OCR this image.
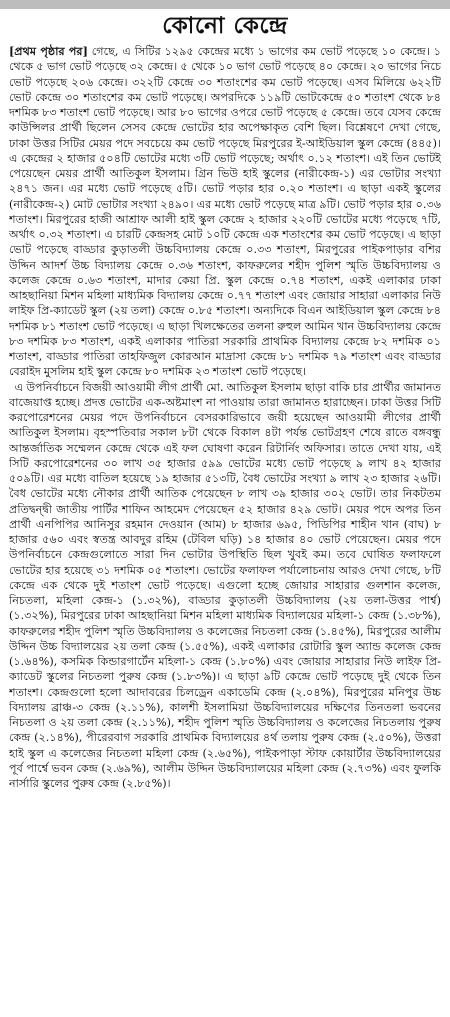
কোনো কেন্দ্রে

[প্রথম পৃষ্ঠার পর] গেছে, এ সিটির ১২৯৫ কেন্দ্রের মধ্যে ১ ভাগের কম ভোট পড়েছে ১০ কেন্দ্রে। ১ থেকে ৫ ভাগ ভোট পড়েছে ৩২ কেন্দ্রে। ৫ থেকে ১০ ভাগ ভোট পড়েছে ৪০ কেন্দ্রে। ২০ ভাগের নিচে ভোট পড়েছে ২০৬ কেন্দ্রে। ৩২২টি কেন্দ্রে ৩০ শতাংশের কম ভোট পড়েছে। এসব মিলিয়ে ৬২২টি ভোট কেন্দ্রে ৩০ শতাংশের কম ভোট পড়েছে। অপরদিকে ১১৯টি ভোটকেন্দ্রে ৫০ শতাংশ থেকে ৮৪ দশমিক ৮৩ শতাংশ ভোট পড়েছে। আর ৮০ ভাগের ওপরে ভোট পড়েছে ৫ কেন্দ্রে। তবে যেসব কেন্দ্রে কাউন্সিলর প্রার্থী ছিলেন সেসব কেন্দ্রে ভোটের হার অপেক্ষাকৃত বেশি ছিল। বিশ্লেষণে দেখা গেছে, ঢাকা উত্তর সিটির মেয়র পদে সবচেয়ে কম ভোট পড়েছে মিরপুরের ই-আইডিয়াল স্কুল কেন্দ্রে (৪৪৫)। এ কেন্দ্রের ২ হাজার ৫০৪টি ভোটের মধ্যে ৩টি ভোট পড়েছে; অর্থাৎ ০.১২ শতাংশ। এই তিন ভোটই পেয়েছেন মেয়র প্রার্থী আতিকুল ইসলাম। গ্রিন ভিউ হাই স্কুলের (নারীকেন্দ্র-১) এর ভোটার সংখ্যা ২৪৭১ জন। এর মধ্যে ভোট পড়েছে ৫টি। ভোট পড়ার হার ০.২০ শতাংশ। এ ছাড়া একই স্কুলের (নারীকেন্দ্র-২) মোট ভোটার সংখ্যা ২৪৯০। এর মধ্যে ভোট পড়েছে মাত্র ৯টি। ভোট পড়ার হার ০.৩৬ শতাংশ। মিরপুরের হাজী আশ্রাফ আলী হাই স্কুল কেন্দ্রে ২ হাজার ২২০টি ভোটের মধ্যে পড়েছে ৭টি, অর্থাৎ ০.৩২ শতাংশ। এ চারটি কেন্দ্রসহ মোট ১০টি কেন্দ্রে এক শতাংশের কম ভোট পড়েছে। এ ছাড়া ভোট পড়েছে বাড্ডার কুড়াতলী উচ্চবিদ্যালয় কেন্দ্রে ০.৩৩ শতাংশ, মিরপুরের পাইকপাড়ার বশির উদ্দিন আদর্শ উচ্চ বিদ্যালয় কেন্দ্রে ০.৩৬ শতাংশ, কাফরুলের শহীদ পুলিশ স্মৃতি উচ্চবিদ্যালয় ও কলেজ কেন্দ্রে ০.৬৩ শতাংশ, মাদার কেয়া প্রি. স্কুল কেন্দ্রে ০.৭৪ শতাংশ, একই এলাকার ঢাকা আহছানিয়া মিশন মহিলা মাধ্যমিক বিদ্যালয় কেন্দ্রে ০.৭৭ শতাংশ এবং জোয়ার সাহারা এলাকার নিউ লাইফ প্রি-ক্যাডেট স্কুল (২য় তলা) কেন্দ্রে ০.৮৫ শতাংশ। অন্যদিকে বিএন আইডিয়াল স্কুল কেন্দ্রে ৮৪ দশমিক ৮১ শতাংশ ভোট পড়েছে। এ ছাড়া খিলক্ষেতের তলনা রুহুল আমিন খান উচ্চবিদ্যালয় কেন্দ্রে ৮৩ দশমিক ৮৩ শতাংশ, একই এলাকার পাতিরা সরকারি প্রাথমিক বিদ্যালয় কেন্দ্রে ৮২ দশমিক ০১ শতাংশ, বাড্ডার পাতিরা তাহফিজুল কোরআন মাদ্রাসা কেন্দ্রে ৮১ দশমিক ৭৯ শতাংশ এবং বাড্ডার বেরাইদ মুসলিম হাই স্কুল কেন্দ্রে ৮০ দশমিক ২৩ শতাংশ ভোট পড়েছে।

 এ উপনির্বাচনে বিজয়ী আওয়ামী লীগ প্রার্থী মো. আতিকুল ইসলাম ছাড়া বাকি চার প্রার্থীর জামানত বাজেয়াপ্ত হচ্ছে। প্রদত্ত ভোটের এক-অষ্টমাংশ না পাওয়ায় তারা জামানত হারাচ্ছেন। ঢাকা উত্তর সিটি করপোরেশনের মেয়র পদে উপনির্বাচনে বেসরকারিভাবে জয়ী হয়েছেন আওয়ামী লীগের প্রার্থী আতিকুল ইসলাম। বৃহস্পতিবার সকাল ৮টা থেকে বিকাল ৪টা পর্যন্ত ভোটগ্রহণ শেষে রাতে বঙ্গবন্ধু আন্তর্জাতিক সম্মেলন কেন্দ্রে থেকে এই ফল ঘোষণা করেন রিটার্নিং অফিসার। তাতে দেখা যায়, এই সিটি করপোরেশনের ৩০ লাখ ৩৫ হাজার ৫৯৯ ভোটের মধ্যে ভোট পড়েছে ৯ লাখ ৪২ হাজার ৫০৯টি। এর মধ্যে বাতিল হয়েছে ১৯ হাজার ৫১৩টি, বৈধ ভোটের সংখ্যা ৯ লাখ ২৩ হাজার ২৬টি। বৈধ ভোটের মধ্যে নৌকার প্রার্থী আতিক পেয়েছেন ৮ লাখ ৩৯ হাজার ৩০২ ভোট। তার নিকটতম প্রতিদ্বন্দ্বী জাতীয় পার্টির শাফিন আহমেদ পেয়েছেন ৫২ হাজার ৪২৯ ভোট। মেয়র পদে অপর তিন প্রার্থী এনপিপির আনিসুর রহমান দেওয়ান (আম) ৮ হাজার ৬৯৫, পিডিপির শাহীন খান (বাঘ) ৮ হাজার ৫৬০ এবং স্বতন্ত্র আবদুর রহিম (টেবিল ঘড়ি) ১৪ হাজার ৪০ ভোট পেয়েছেন। মেয়র পদে উপনির্বাচনে কেন্দ্রগুলোতে সারা দিন ভোটার উপস্থিতি ছিল খুবই কম। তবে ঘোষিত ফলাফলে ভোটের হার হয়েছে ৩১ দশমিক ০৫ শতাংশ। ভোটের ফলাফল পর্যালোচনায় আরও দেখা গেছে, ৮টি কেন্দ্রে এক থেকে দুই শতাংশ ভোট পড়েছে। এগুলো হচ্ছে জোয়ার সাহারার গুলশান কলেজ, নিচতলা, মহিলা কেন্দ্র-১ (১.৩২%), বাড্ডার কুড়াতলী উচ্চবিদ্যালয় (২য় তলা-উত্তর পার্শ্ব) (১.৩২%), মিরপুরের ঢাকা আহছানিয়া মিশন মহিলা মাধ্যমিক বিদ্যালয়ের মহিলা-১ কেন্দ্র (১.৩৮%), কাফরুলের শহীদ পুলিশ স্মৃতি উচ্চবিদ্যালয় ও কলেজের নিচতলা কেন্দ্র (১.৪৫%), মিরপুরের আলীম উদ্দিন উচ্চ বিদ্যালয়ের ২য় তলা কেন্দ্র (১.৫৫%), একই এলাকার রোটারি স্কুল অ্যান্ড কলেজ কেন্দ্র (১.৬৪%), কসমিক কিন্ডারগার্টেন মহিলা-১ কেন্দ্র (১.৮০%) এবং জোয়ার সাহারার নিউ লাইফ প্রি-ক্যাডেট স্কুলের নিচতলা পুরুষ কেন্দ্র (১.৮৩%)। এ ছাড়া ৯টি কেন্দ্রে ভোট পড়েছে দুই থেকে তিন শতাংশ। কেন্দ্রগুলো হলো আদাবরের চিলড্রেন একাডেমি কেন্দ্র (২.০৪%), মিরপুরের মনিপুর উচ্চ বিদ্যালয় ব্রাঞ্চ-৩ কেন্দ্র (২.১১%), কালশী ইসলামিয়া উচ্চবিদ্যালয়ের দক্ষিণের তিনতলা ভবনের নিচতলা ও ২য় তলা কেন্দ্র (২.১১%), শহীদ পুলিশ স্মৃতি উচ্চবিদ্যালয় ও কলেজের নিচতলায় পুরুষ কেন্দ্র (২.১৪%), পীরেরবাগ সরকারি প্রাথমিক বিদ্যালয়ের ৪র্থ তলায় পুরুষ কেন্দ্র (২.৫০%), উত্তরা হাই স্কুল এ কলেজের নিচতলা মহিলা কেন্দ্র (২.৬৫%), পাইকপাড়া স্টাফ কোয়ার্টার উচ্চবিদ্যালয়ের পূর্ব পার্শ্বে ভবন কেন্দ্র (২.৬৯%), আলীম উদ্দিন উচ্চবিদ্যালয়ের মহিলা কেন্দ্র (২.৭৩%) এবং ফুলকি নার্সারি স্কুলের পুরুষ কেন্দ্র (২.৮৫%)।
